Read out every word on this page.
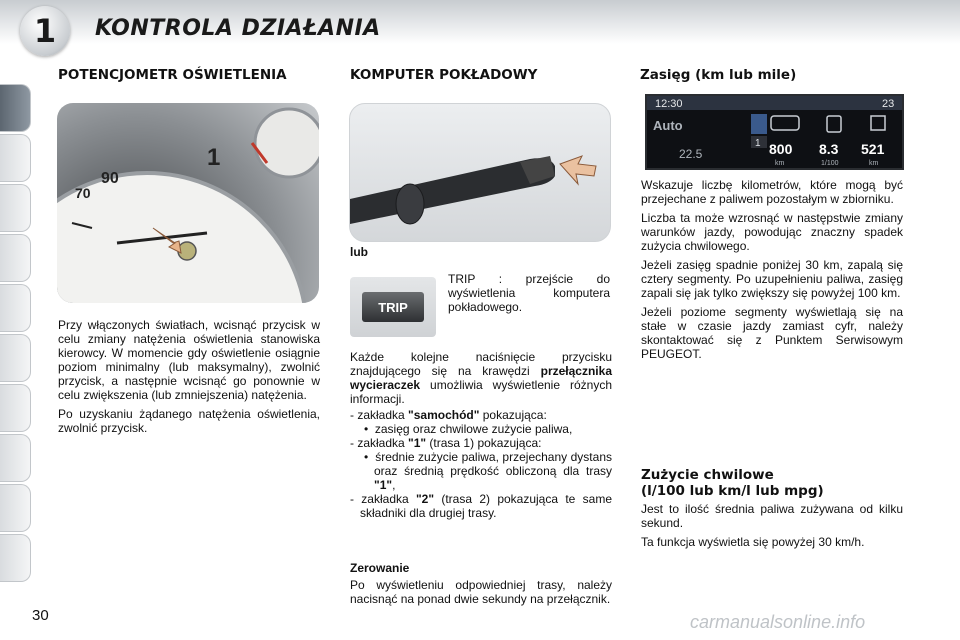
1	KONTROLA DZIAŁANIA
POTENCJOMETR OŚWIETLENIA
1
90
70

Przy włączonych światłach, wcisnąć przycisk w celu zmiany natężenia oświetlenia stanowiska kierowcy. W momencie gdy oświetlenie osiągnie poziom minimalny (lub maksymalny), zwolnić przycisk, a następnie wcisnąć go ponownie w celu zwiększenia (lub zmniejszenia) natężenia.

Po uzyskaniu żądanego natężenia oświetlenia, zwolnić przycisk.

KOMPUTER POKŁADOWY
lub
TRIP
TRIP : przejście do wyświetlenia komputera pokładowego.
Każde kolejne naciśnięcie przycisku znajdującego się na krawędzi przełącznika wycieraczek umożliwia wyświetlenie różnych informacji.
- zakładka "samochód" pokazująca:
•  zasięg oraz chwilowe zużycie paliwa,
- zakładka "1" (trasa 1) pokazująca:
•  średnie zużycie paliwa, przejechany dystans oraz średnią prędkość obliczoną dla trasy "1",
- zakładka "2" (trasa 2) pokazująca te same składniki dla drugiej trasy.
Zerowanie
Po wyświetleniu odpowiedniej trasy, należy nacisnąć na ponad dwie sekundy na przełącznik.
Zasięg (km lub mile)
12:30	23
Auto
22.5
1 800
km
8.3
1/100
521
km

Wskazuje liczbę kilometrów, które mogą być przejechane z paliwem pozostałym w zbiorniku.

Liczba ta może wzrosnąć w następstwie zmiany warunków jazdy, powodując znaczny spadek zużycia chwilowego.

Jeżeli zasięg spadnie poniżej 30 km, zapalą się cztery segmenty. Po uzupełnieniu paliwa, zasięg zapali się jak tylko zwiększy się powyżej 100 km.

Jeżeli poziome segmenty wyświetlają się na stałe w czasie jazdy zamiast cyfr, należy skontaktować się z Punktem Serwisowym PEUGEOT.

Zużycie chwilowe
(l/100 lub km/l lub mpg)

Jest to ilość średnia paliwa zużywana od kilku sekund.

Ta funkcja wyświetla się powyżej 30 km/h.

30	carmanualsonline.info
